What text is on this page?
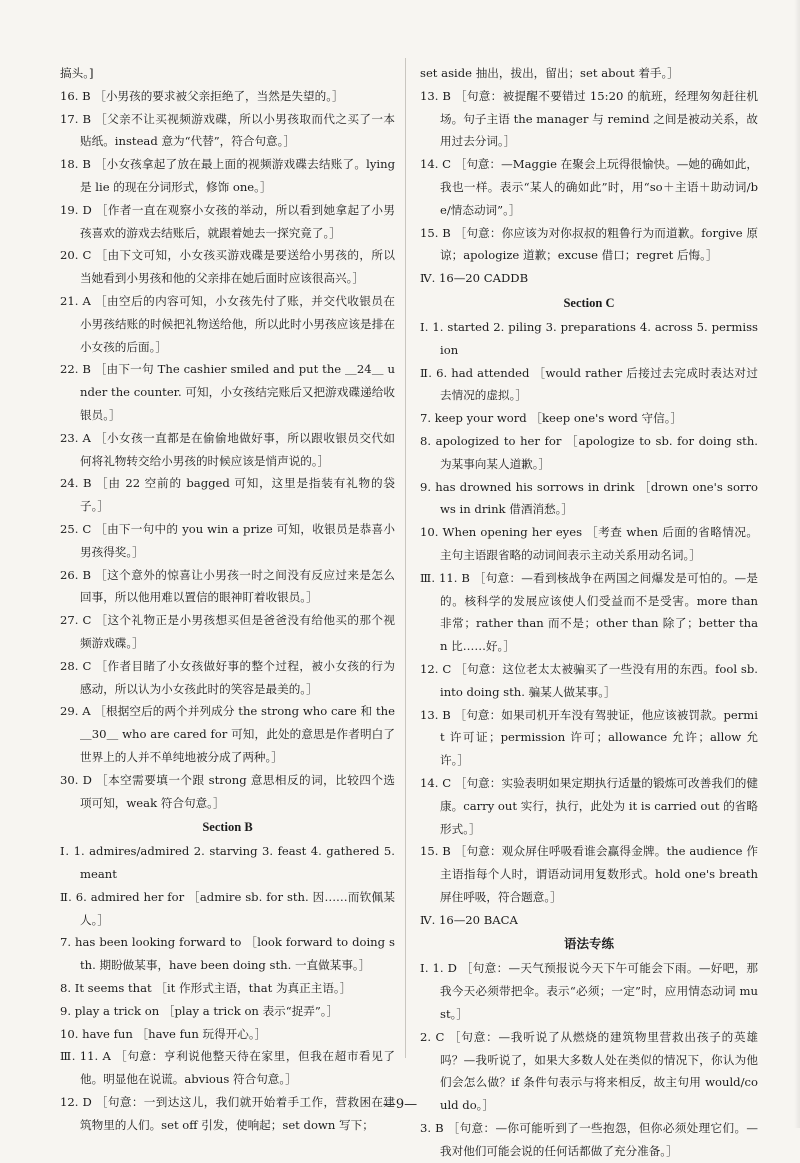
搞头。]

16. B ［小男孩的要求被父亲拒绝了，当然是失望的。］

17. B ［父亲不让买视频游戏碟，所以小男孩取而代之买了一本贴纸。instead 意为“代替”，符合句意。］

18. B ［小女孩拿起了放在最上面的视频游戏碟去结账了。lying 是 lie 的现在分词形式，修饰 one。］

19. D ［作者一直在观察小女孩的举动，所以看到她拿起了小男孩喜欢的游戏去结账后，就跟着她去一探究竟了。］

20. C ［由下文可知，小女孩买游戏碟是要送给小男孩的，所以当她看到小男孩和他的父亲排在她后面时应该很高兴。］

21. A ［由空后的内容可知，小女孩先付了账，并交代收银员在小男孩结账的时候把礼物送给他，所以此时小男孩应该是排在小女孩的后面。］

22. B ［由下一句 The cashier smiled and put the ＿24＿ under the counter. 可知，小女孩结完账后又把游戏碟递给收银员。］

23. A ［小女孩一直都是在偷偷地做好事，所以跟收银员交代如何将礼物转交给小男孩的时候应该是悄声说的。］

24. B ［由 22 空前的 bagged 可知，这里是指装有礼物的袋子。］

25. C ［由下一句中的 you win a prize 可知，收银员是恭喜小男孩得奖。］

26. B ［这个意外的惊喜让小男孩一时之间没有反应过来是怎么回事，所以他用难以置信的眼神盯着收银员。］

27. C ［这个礼物正是小男孩想买但是爸爸没有给他买的那个视频游戏碟。］

28. C ［作者目睹了小女孩做好事的整个过程，被小女孩的行为感动，所以认为小女孩此时的笑容是最美的。］

29. A ［根据空后的两个并列成分 the strong who care 和 the ＿30＿ who are cared for 可知，此处的意思是作者明白了世界上的人并不单纯地被分成了两种。］

30. D ［本空需要填一个跟 strong 意思相反的词，比较四个选项可知，weak 符合句意。］

Section B

Ⅰ. 1. admires/admired 2. starving 3. feast 4. gathered 5. meant

Ⅱ. 6. admired her for ［admire sb. for sth. 因……而钦佩某人。］

7. has been looking forward to ［look forward to doing sth. 期盼做某事，have been doing sth. 一直做某事。］

8. It seems that ［it 作形式主语，that 为真正主语。］

9. play a trick on ［play a trick on 表示“捉弄”。］

10. have fun ［have fun 玩得开心。］

Ⅲ. 11. A ［句意：亨利说他整天待在家里，但我在超市看见了他。明显他在说谎。abvious 符合句意。］

12. D ［句意：一到达这儿，我们就开始着手工作，营救困在建筑物里的人们。set off 引发，使响起；set down 写下；

set aside 抽出，拔出，留出；set about 着手。］

13. B ［句意：被提醒不要错过 15:20 的航班，经理匆匆赶往机场。句子主语 the manager 与 remind 之间是被动关系，故用过去分词。］

14. C ［句意：—Maggie 在聚会上玩得很愉快。—她的确如此，我也一样。表示“某人的确如此”时，用“so＋主语＋助动词/be/情态动词”。］

15. B ［句意：你应该为对你叔叔的粗鲁行为而道歉。forgive 原谅；apologize 道歉；excuse 借口；regret 后悔。］

Ⅳ. 16—20 CADDB

Section C

Ⅰ. 1. started 2. piling 3. preparations 4. across 5. permission

Ⅱ. 6. had attended ［would rather 后接过去完成时表达对过去情况的虚拟。］

7. keep your word ［keep one's word 守信。］

8. apologized to her for ［apologize to sb. for doing sth. 为某事向某人道歉。］

9. has drowned his sorrows in drink ［drown one's sorrows in drink 借酒消愁。］

10. When opening her eyes ［考查 when 后面的省略情况。主句主语跟省略的动词间表示主动关系用动名词。］

Ⅲ. 11. B ［句意：—看到核战争在两国之间爆发是可怕的。—是的。核科学的发展应该使人们受益而不是受害。more than 非常；rather than 而不是；other than 除了；better than 比……好。］

12. C ［句意：这位老太太被骗买了一些没有用的东西。fool sb. into doing sth. 骗某人做某事。］

13. B ［句意：如果司机开车没有驾驶证，他应该被罚款。permit 许可证；permission 许可；allowance 允许；allow 允许。］

14. C ［句意：实验表明如果定期执行适量的锻炼可改善我们的健康。carry out 实行，执行，此处为 it is carried out 的省略形式。］

15. B ［句意：观众屏住呼吸看谁会赢得金牌。the audience 作主语指每个人时，谓语动词用复数形式。hold one's breath 屏住呼吸，符合题意。］

Ⅳ. 16—20 BACA

语法专练

Ⅰ. 1. D ［句意：—天气预报说今天下午可能会下雨。—好吧，那我今天必须带把伞。表示“必须；一定”时，应用情态动词 must。］

2. C ［句意：—我听说了从燃烧的建筑物里营救出孩子的英雄吗？—我听说了，如果大多数人处在类似的情况下，你认为他们会怎么做？if 条件句表示与将来相反，故主句用 would/could do。］

3. B ［句意：—你可能听到了一些抱怨，但你必须处理它们。—我对他们可能会说的任何话都做了充分准备。］

—9—
